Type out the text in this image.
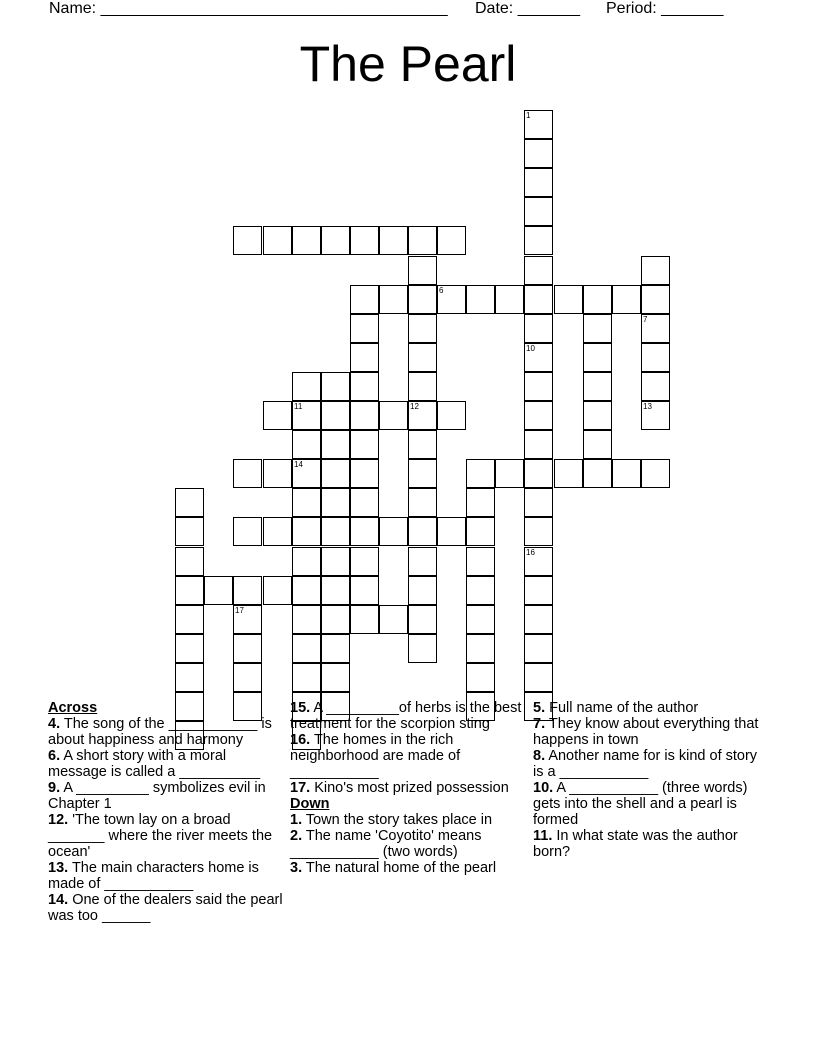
Name: _______________________________________ Date: _______ Period: _______
The Pearl
10
16
7
13
1
11
14
12
6
17

Across

4. The song of the ___________ is about happiness and harmony

6. A short story with a moral message is called a __________

9. A _________ symbolizes evil in Chapter 1

12. 'The town lay on a broad _______ where the river meets the ocean'

13. The main characters home is made of ___________

14. One of the dealers said the pearl was too ______

15. A _________of herbs is the best treatment for the scorpion sting

16. The homes in the rich neighborhood are made of ___________

17. Kino's most prized possession

Down

1. Town the story takes place in

2. The name 'Coyotito' means ___________ (two words)

3. The natural home of the pearl

5. Full name of the author

7. They know about everything that happens in town

8. Another name for is kind of story is a ___________

10. A ___________ (three words) gets into the shell and a pearl is formed

11. In what state was the author born?
